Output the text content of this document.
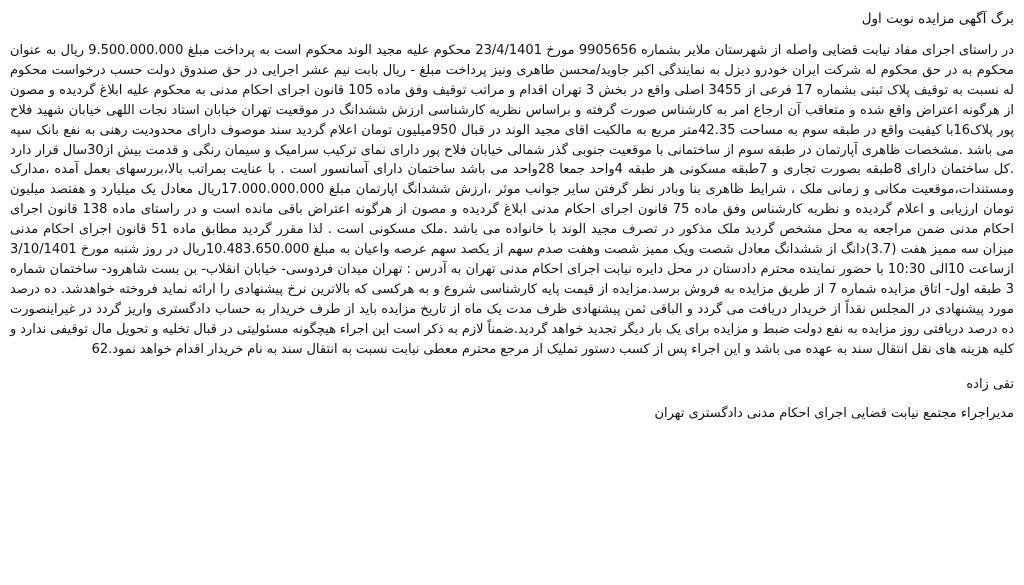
برگ آگهی مزایده نوبت اول

در راستای اجرای مفاد نیابت قضایی واصله از شهرستان ملایر بشماره 9905656 مورخ 23/4/1401 محکوم علیه مجید الوند محکوم است به پرداخت مبلغ 9.500.000.000 ریال به عنوان محکوم به در حق محکوم له شرکت ایران خودرو دیزل به نمایندگی اکبر جاوید/محسن طاهری ونیز پرداخت مبلغ - ریال بابت نیم عشر اجرایی در حق صندوق دولت حسب درخواست محکوم له نسبت به توقیف پلاک ثبتی بشماره 17 فرعی از 3455 اصلی واقع در بخش 3 تهران اقدام و مراتب توقیف وفق ماده 105 قانون اجرای احکام مدنی به محکوم علیه ابلاغ گردیده و مصون از هرگونه اعتراض واقع شده و متعاقب آن ارجاع امر به کارشناس صورت گرفته و براساس نظریه کارشناسی ارزش ششدانگ در موقعیت تهران خیابان استاد نجات اللهی خیابان شهید فلاح پور پلاک16با کیفیت واقع در طبقه سوم به مساحت 42.35متر مربع به مالکیت اقای مجید الوند در قبال 950میلیون تومان اعلام گردید سند موصوف دارای محدودیت رهنی به نفع بانک سپه می باشد .مشخصات ظاهری آپارتمان در طبقه سوم از ساختمانی با موقعیت جنوبی گذر شمالی خیابان فلاح پور دارای نمای ترکیب سرامیک و سیمان رنگی و قدمت بیش از30سال قرار دارد .کل ساختمان دارای 8طبقه بصورت تجاری و 7طبقه مسکونی هر طبقه 4واحد جمعا 28واحد می باشد ساختمان دارای آسانسور است . با عنایت بمراتب بالا،بررسهای بعمل آمده ،مدارک ومستندات،موقعیت مکانی و زمانی ملک ، شرایط ظاهری بنا وبادر نظر گرفتن سایر جوانب موثر ،ارزش ششدانگ اپارتمان مبلغ 17.000.000.000ریال معادل یک میلیارد و هفتصد میلیون تومان ارزیابی و اعلام گردیده و نظریه کارشناس وفق ماده 75 قانون اجرای احکام مدنی ابلاغ گردیده و مصون از هرگونه اعتراض باقی مانده است و در راستای ماده 138 قانون اجرای احکام مدنی ضمن مراجعه به محل مشخص گردید ملک مذکور در تصرف مجید الوند با خانواده می باشد .ملک مسکونی است . لذا مقرر گردید مطابق ماده 51 قانون اجرای احکام مدنی میزان سه ممیز هفت (3.7)دانگ از ششدانگ معادل شصت ویک ممیز شصت وهفت صدم سهم از یکصد سهم عرصه واعیان به مبلغ 10.483.650.000ریال در روز شنبه مورخ 3/10/1401 ازساعت 10الی 10:30 با حضور نماینده محترم دادستان در محل دایره نیابت اجرای احکام مدنی تهران به آدرس : تهران میدان فردوسی- خیابان انقلاب- بن بست شاهرود- ساختمان شماره 3 طبقه اول- اتاق مزایده شماره 7 از طریق مزایده به فروش برسد.مزایده از قیمت پایه کارشناسی شروع و به هرکسی که بالاترین نرخ پیشنهادی را ارائه نماید فروخته خواهدشد. ده درصد مورد پیشنهادی در المجلس نقداً از خریدار دریافت می گردد و الباقی ثمن پیشنهادی ظرف مدت یک ماه از تاریخ مزایده باید از طرف خریدار به حساب دادگستری واریز گردد در غیراینصورت ده درصد دریافتی روز مزایده به نفع دولت ضبط و مزایده برای یک بار دیگر تجدید خواهد گردید.ضمناً لازم به ذکر است این اجراء هیچگونه مسئولیتی در قبال تخلیه و تحویل مال توقیفی ندارد و کلیه هزینه های نقل انتقال سند به عهده می باشد و این اجراء پس از کسب دستور تملیک از مرجع محترم معطی نیابت نسبت به انتقال سند به نام خریدار اقدام خواهد نمود.62

تقی زاده

مدیراجراء مجتمع نیابت قضایی اجرای احکام مدنی دادگستری تهران
